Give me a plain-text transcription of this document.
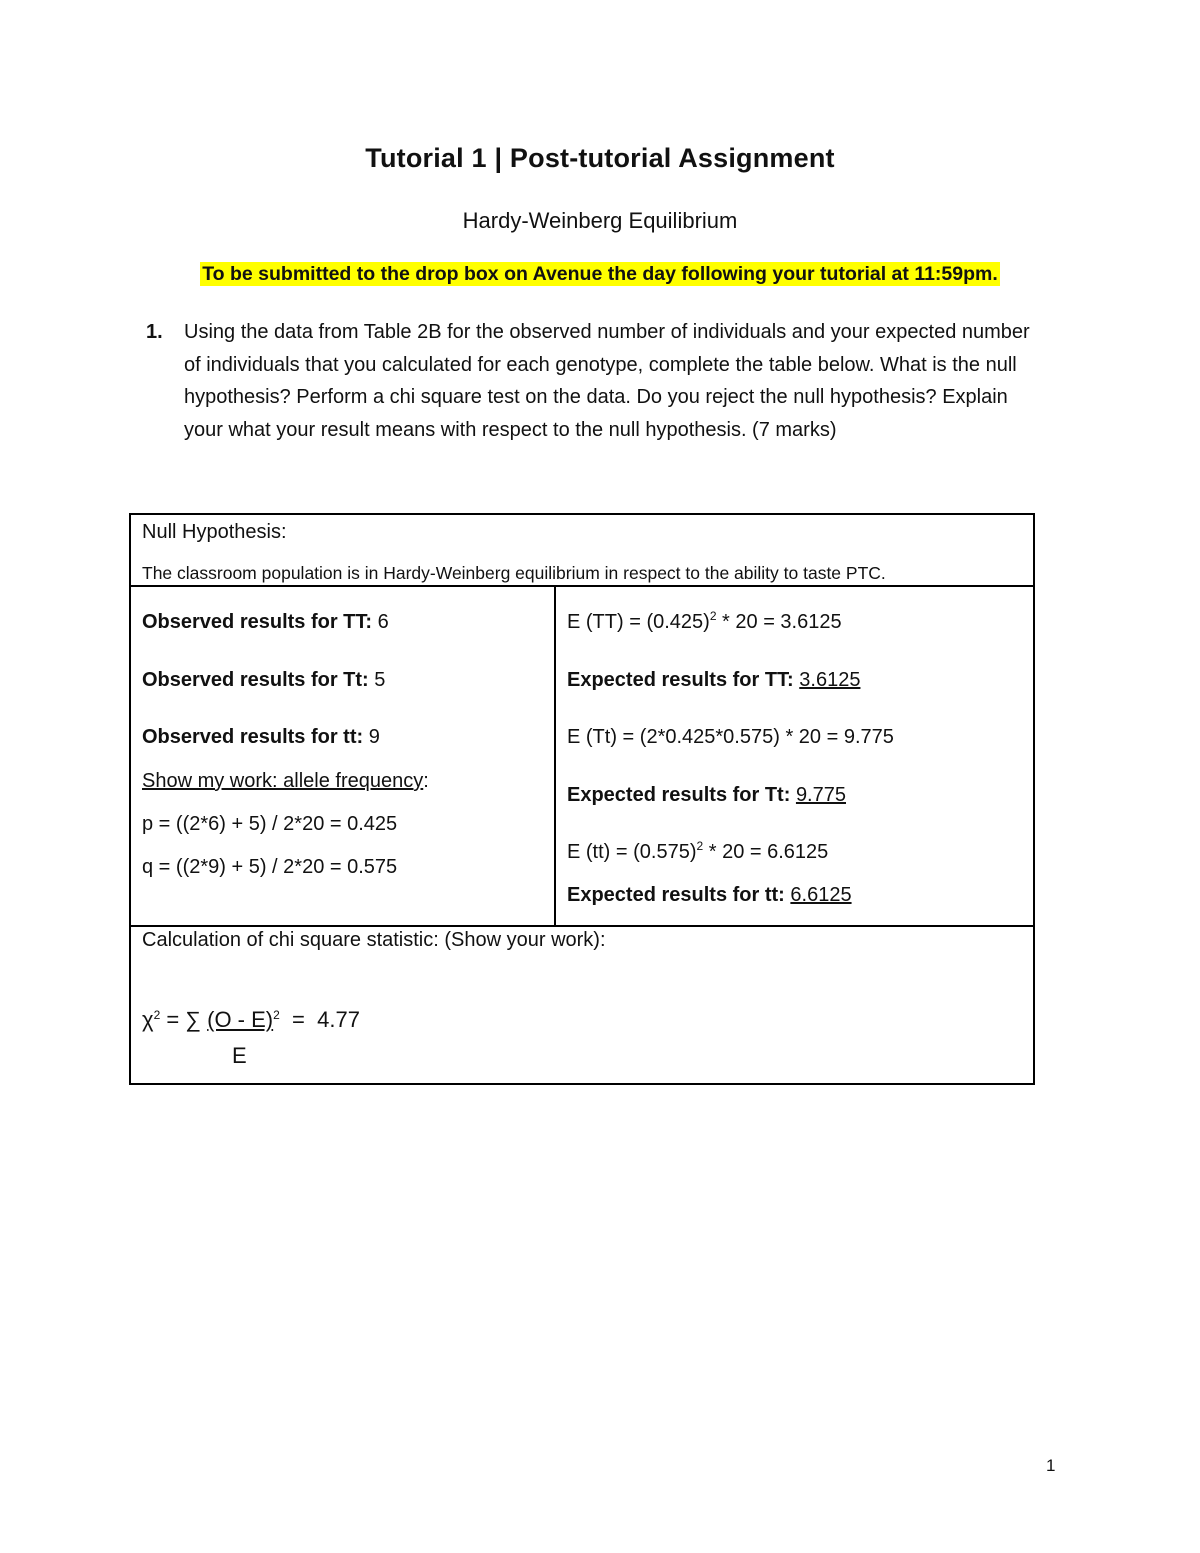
Tutorial 1 | Post-tutorial Assignment
Hardy-Weinberg Equilibrium
To be submitted to the drop box on Avenue the day following your tutorial at 11:59pm.
1. Using the data from Table 2B for the observed number of individuals and your expected number of individuals that you calculated for each genotype, complete the table below. What is the null hypothesis? Perform a chi square test on the data. Do you reject the null hypothesis? Explain your what your result means with respect to the null hypothesis. (7 marks)
Null Hypothesis:
The classroom population is in Hardy-Weinberg equilibrium in respect to the ability to taste PTC.
Observed results for TT: 6
Observed results for Tt: 5
Observed results for tt: 9
Show my work: allele frequency:
p = ((2*6) + 5) / 2*20 = 0.425
q = ((2*9) + 5) / 2*20 = 0.575
E $(TT) = (0.425)^2 * 20 = 3.6125$
Expected results for TT: 3.6125
E (Tt) = (2*0.425*0.575) * 20 = 9.775
Expected results for Tt: 9.775
E $(tt) = (0.575)^2 * 20 = 6.6125$
Expected results for tt: 6.6125
Calculation of chi square statistic: (Show your work):
$\chi^2$ = ∑ (O - E)$^2$  =  4.77
E
1
